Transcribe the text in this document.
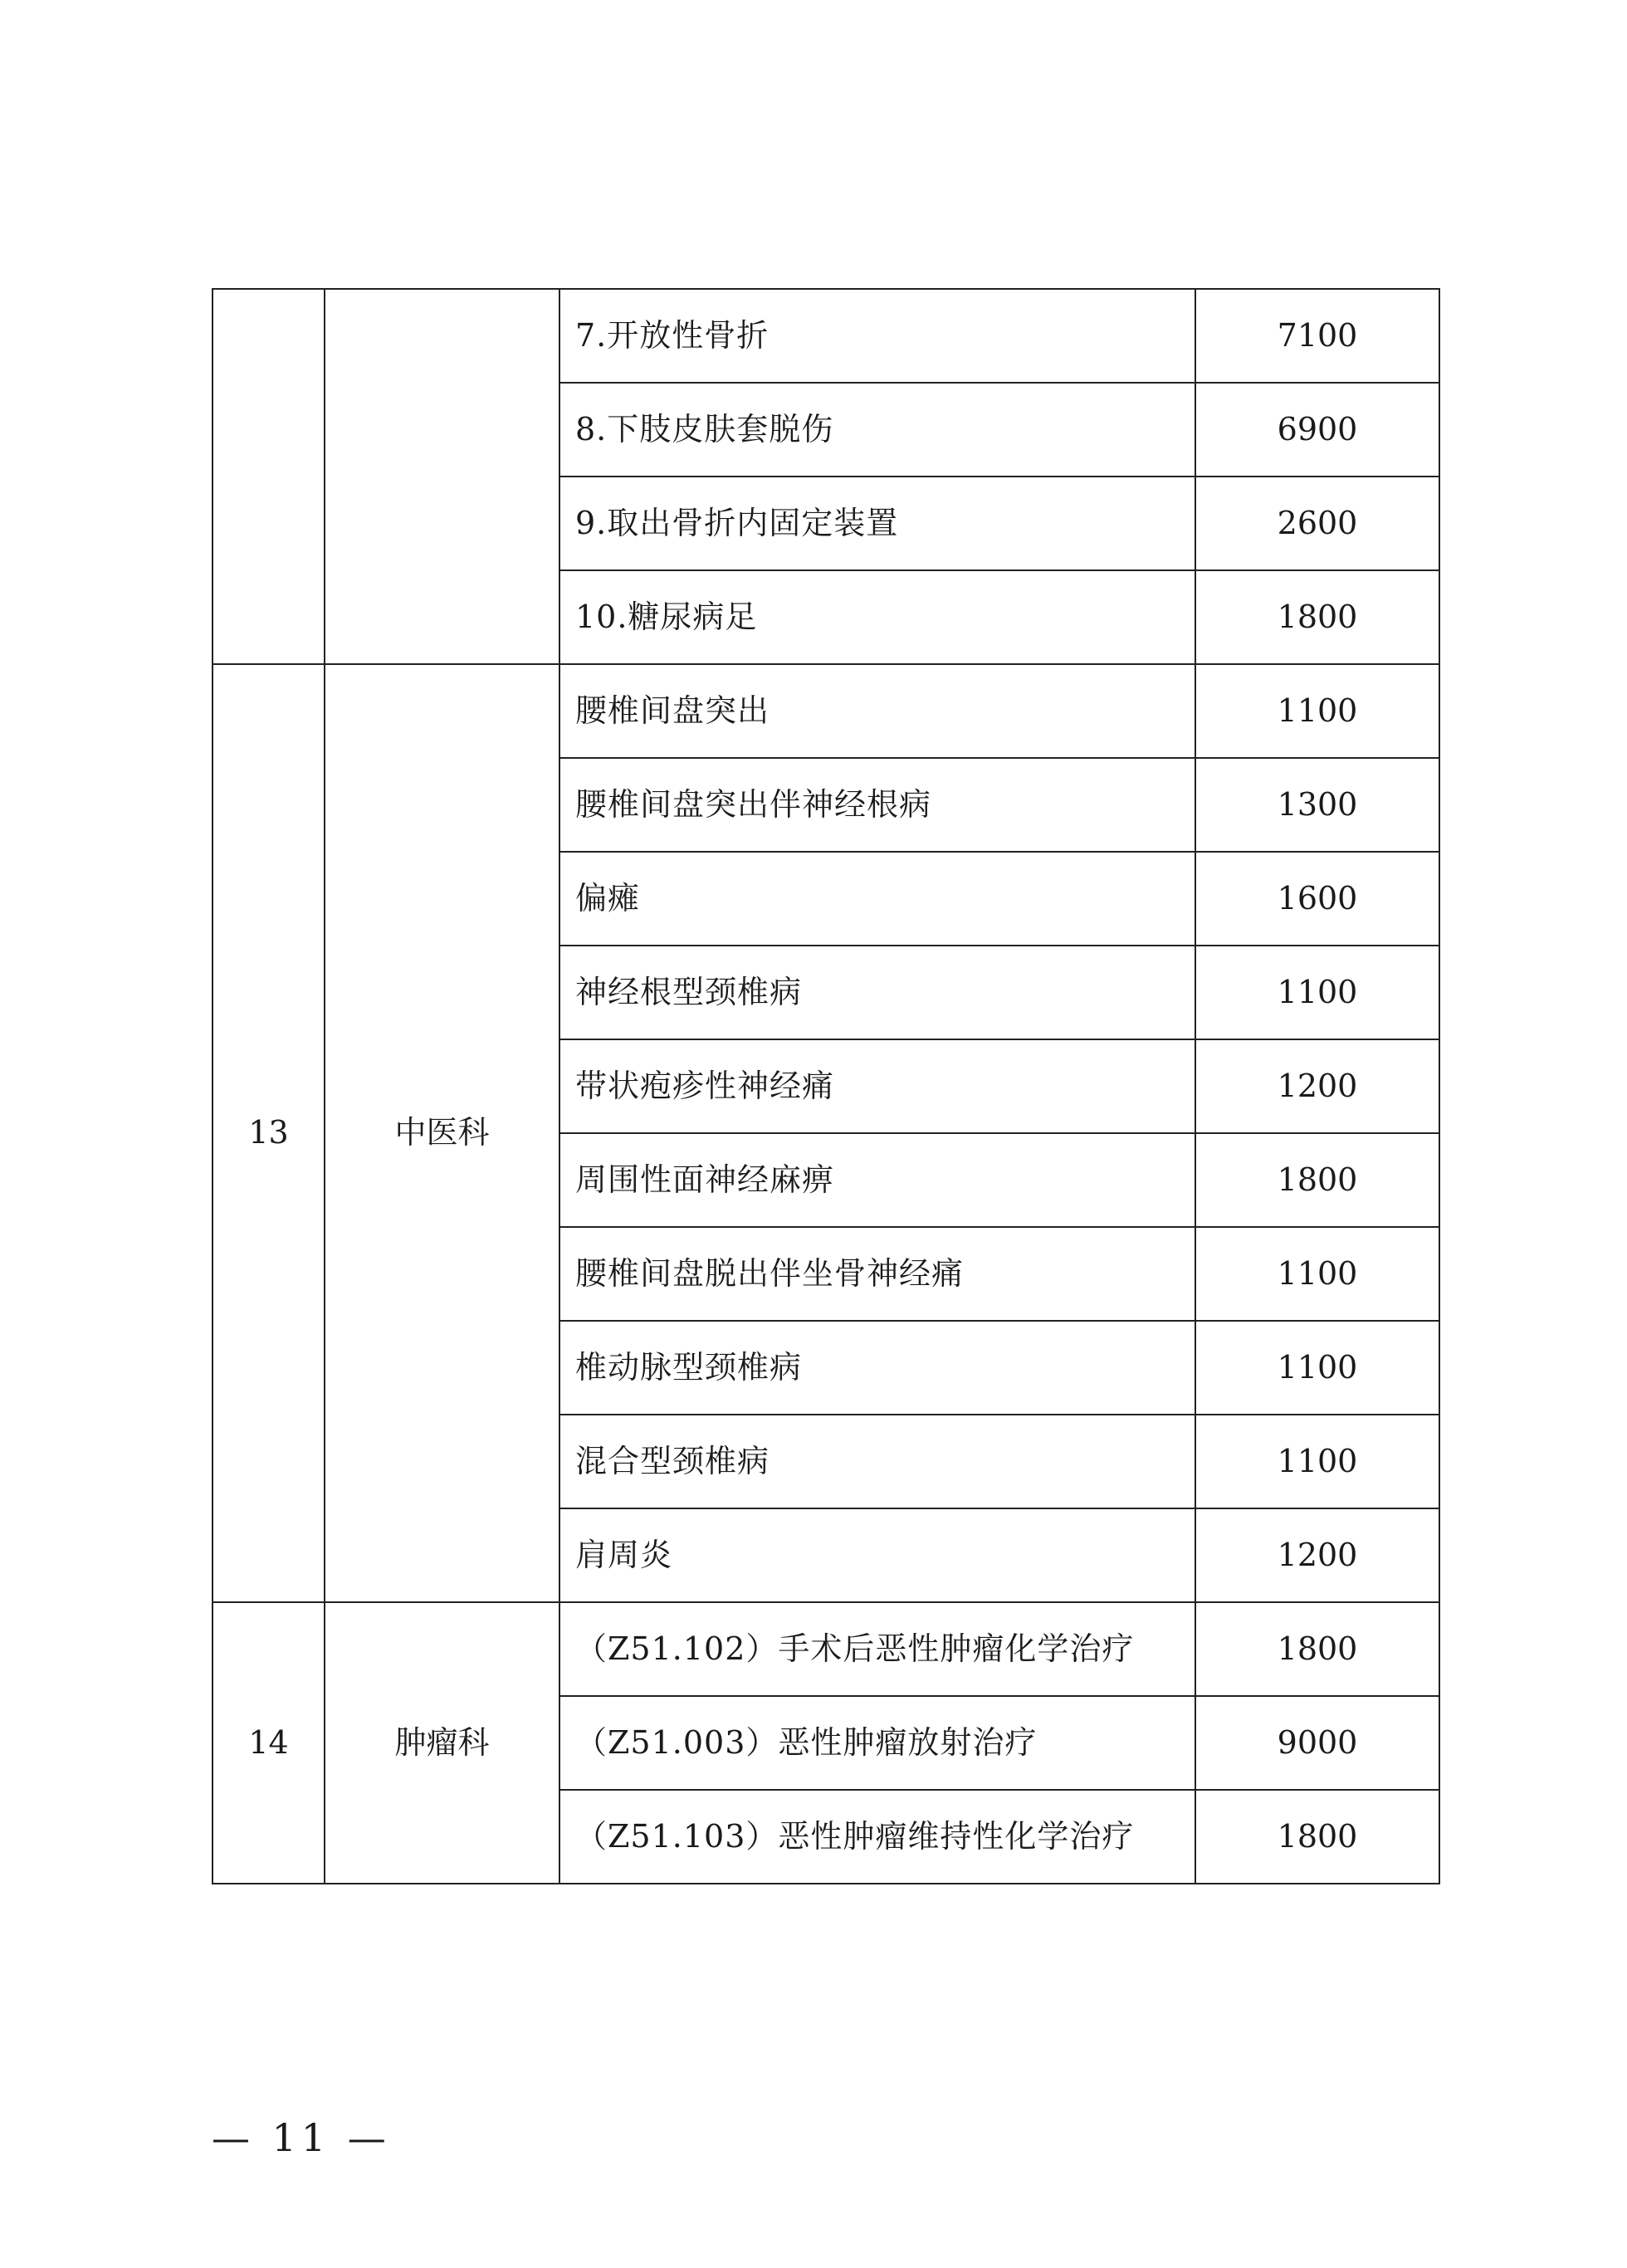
		7.开放性骨折	7100
		8.下肢皮肤套脱伤	6900
		9.取出骨折内固定装置	2600
		10.糖尿病足	1800
13	中医科	腰椎间盘突出	1100
		腰椎间盘突出伴神经根病	1300
		偏瘫	1600
		神经根型颈椎病	1100
		带状疱疹性神经痛	1200
		周围性面神经麻痹	1800
		腰椎间盘脱出伴坐骨神经痛	1100
		椎动脉型颈椎病	1100
		混合型颈椎病	1100
		肩周炎	1200
14	肿瘤科	（Z51.102）手术后恶性肿瘤化学治疗	1800
		（Z51.003）恶性肿瘤放射治疗	9000
		（Z51.103）恶性肿瘤维持性化学治疗	1800
— 11 —
